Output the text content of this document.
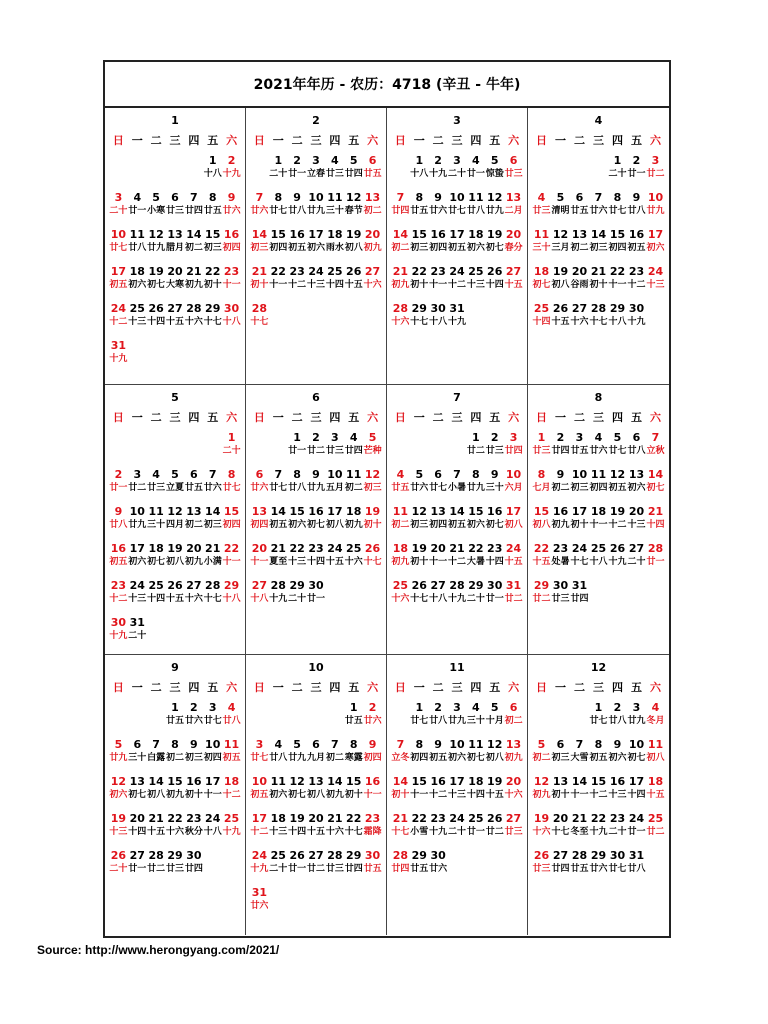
2021年年历 - 农历：4718 (辛丑 - 牛年)
1
日 一 二 三 四 五 六
1
十八
2
十九
3
二十
4
廿一
5
小寒
6
廿三
7
廿四
8
廿五
9
廿六
10
廿七
11
廿八
12
廿九
13
腊月
14
初二
15
初三
16
初四
17
初五
18
初六
19
初七
20
大寒
21
初九
22
初十
23
十一
24
十二
25
十三
26
十四
27
十五
28
十六
29
十七
30
十八
31
十九
2
日 一 二 三 四 五 六
1
二十
2
廿一
3
立春
4
廿三
5
廿四
6
廿五
7
廿六
8
廿七
9
廿八
10
廿九
11
三十
12
春节
13
初二
14
初三
15
初四
16
初五
17
初六
18
雨水
19
初八
20
初九
21
初十
22
十一
23
十二
24
十三
25
十四
26
十五
27
十六
28
十七
3
日 一 二 三 四 五 六
1
十八
2
十九
3
二十
4
廿一
5
惊蛰
6
廿三
7
廿四
8
廿五
9
廿六
10
廿七
11
廿八
12
廿九
13
二月
14
初二
15
初三
16
初四
17
初五
18
初六
19
初七
20
春分
21
初九
22
初十
23
十一
24
十二
25
十三
26
十四
27
十五
28
十六
29
十七
30
十八
31
十九
4
日 一 二 三 四 五 六
1
二十
2
廿一
3
廿二
4
廿三
5
清明
6
廿五
7
廿六
8
廿七
9
廿八
10
廿九
11
三十
12
三月
13
初二
14
初三
15
初四
16
初五
17
初六
18
初七
19
初八
20
谷雨
21
初十
22
十一
23
十二
24
十三
25
十四
26
十五
27
十六
28
十七
29
十八
30
十九
5
日 一 二 三 四 五 六
1
二十
2
廿一
3
廿二
4
廿三
5
立夏
6
廿五
7
廿六
8
廿七
9
廿八
10
廿九
11
三十
12
四月
13
初二
14
初三
15
初四
16
初五
17
初六
18
初七
19
初八
20
初九
21
小满
22
十一
23
十二
24
十三
25
十四
26
十五
27
十六
28
十七
29
十八
30
十九
31
二十
6
日 一 二 三 四 五 六
1
廿一
2
廿二
3
廿三
4
廿四
5
芒种
6
廿六
7
廿七
8
廿八
9
廿九
10
五月
11
初二
12
初三
13
初四
14
初五
15
初六
16
初七
17
初八
18
初九
19
初十
20
十一
21
夏至
22
十三
23
十四
24
十五
25
十六
26
十七
27
十八
28
十九
29
二十
30
廿一
7
日 一 二 三 四 五 六
1
廿二
2
廿三
3
廿四
4
廿五
5
廿六
6
廿七
7
小暑
8
廿九
9
三十
10
六月
11
初二
12
初三
13
初四
14
初五
15
初六
16
初七
17
初八
18
初九
19
初十
20
十一
21
十二
22
大暑
23
十四
24
十五
25
十六
26
十七
27
十八
28
十九
29
二十
30
廿一
31
廿二
8
日 一 二 三 四 五 六
1
廿三
2
廿四
3
廿五
4
廿六
5
廿七
6
廿八
7
立秋
8
七月
9
初二
10
初三
11
初四
12
初五
13
初六
14
初七
15
初八
16
初九
17
初十
18
十一
19
十二
20
十三
21
十四
22
十五
23
处暑
24
十七
25
十八
26
十九
27
二十
28
廿一
29
廿二
30
廿三
31
廿四
9
日 一 二 三 四 五 六
1
廿五
2
廿六
3
廿七
4
廿八
5
廿九
6
三十
7
白露
8
初二
9
初三
10
初四
11
初五
12
初六
13
初七
14
初八
15
初九
16
初十
17
十一
18
十二
19
十三
20
十四
21
十五
22
十六
23
秋分
24
十八
25
十九
26
二十
27
廿一
28
廿二
29
廿三
30
廿四
10
日 一 二 三 四 五 六
1
廿五
2
廿六
3
廿七
4
廿八
5
廿九
6
九月
7
初二
8
寒露
9
初四
10
初五
11
初六
12
初七
13
初八
14
初九
15
初十
16
十一
17
十二
18
十三
19
十四
20
十五
21
十六
22
十七
23
霜降
24
十九
25
二十
26
廿一
27
廿二
28
廿三
29
廿四
30
廿五
31
廿六
11
日 一 二 三 四 五 六
1
廿七
2
廿八
3
廿九
4
三十
5
十月
6
初二
7
立冬
8
初四
9
初五
10
初六
11
初七
12
初八
13
初九
14
初十
15
十一
16
十二
17
十三
18
十四
19
十五
20
十六
21
十七
22
小雪
23
十九
24
二十
25
廿一
26
廿二
27
廿三
28
廿四
29
廿五
30
廿六
12
日 一 二 三 四 五 六
1
廿七
2
廿八
3
廿九
4
冬月
5
初二
6
初三
7
大雪
8
初五
9
初六
10
初七
11
初八
12
初九
13
初十
14
十一
15
十二
16
十三
17
十四
18
十五
19
十六
20
十七
21
冬至
22
十九
23
二十
24
廿一
25
廿二
26
廿三
27
廿四
28
廿五
29
廿六
30
廿七
31
廿八
Source: http://www.herongyang.com/2021/
